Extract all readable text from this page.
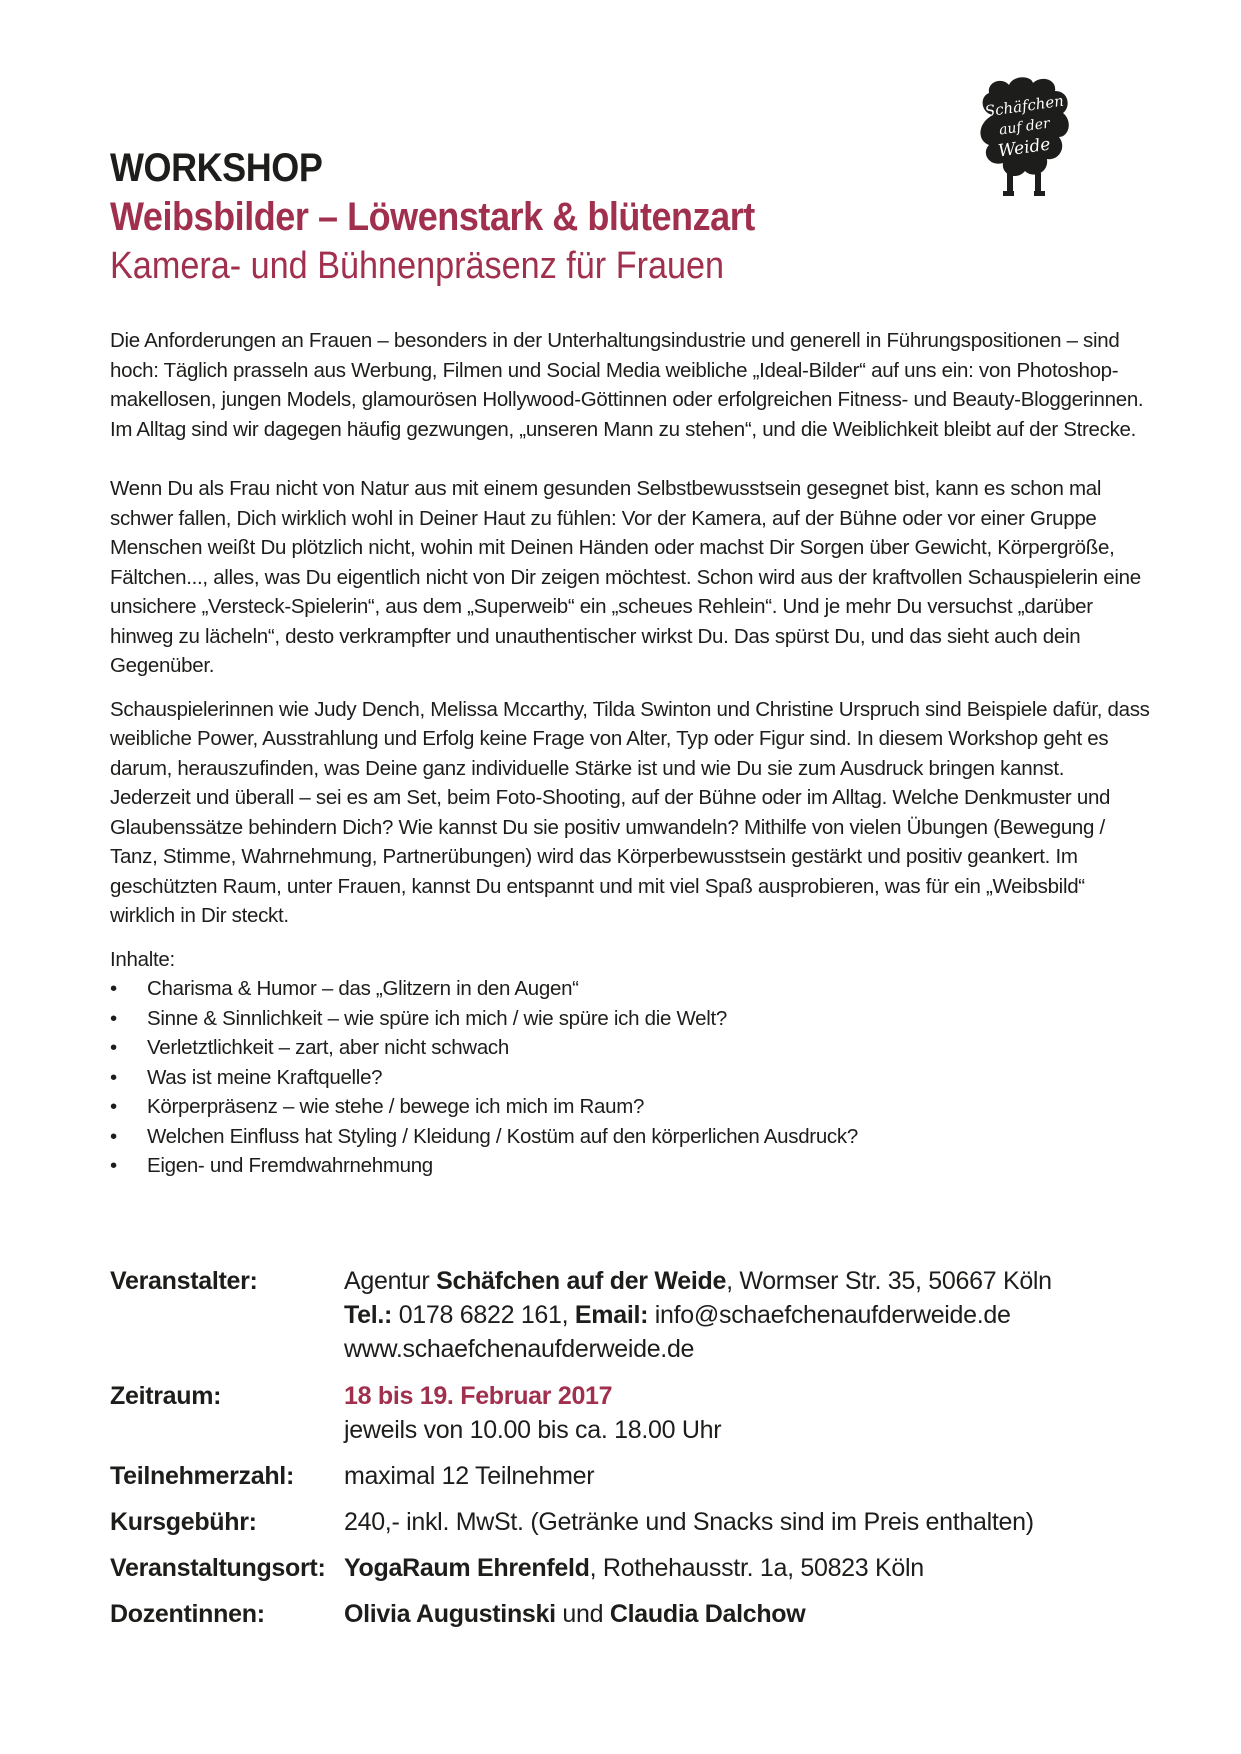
Schäfchen
auf der
Weide
WORKSHOP
Weibsbilder – Löwenstark & blütenzart
Kamera- und Bühnenpräsenz für Frauen

Die Anforderungen an Frauen – besonders in der Unterhaltungsindustrie und generell in Führungspositionen – sind hoch: Täglich prasseln aus Werbung, Filmen und Social Media weibliche „Ideal-Bilder“ auf uns ein: von Photoshop-makellosen, jungen Models, glamourösen Hollywood-Göttinnen oder erfolgreichen Fitness- und Beauty-Bloggerinnen. Im Alltag sind wir dagegen häufig gezwungen, „unseren Mann zu stehen“, und die Weiblichkeit bleibt auf der Strecke.

Wenn Du als Frau nicht von Natur aus mit einem gesunden Selbstbewusstsein gesegnet bist, kann es schon mal schwer fallen, Dich wirklich wohl in Deiner Haut zu fühlen: Vor der Kamera, auf der Bühne oder vor einer Gruppe Menschen weißt Du plötzlich nicht, wohin mit Deinen Händen oder machst Dir Sorgen über Gewicht, Körpergröße, Fältchen..., alles, was Du eigentlich nicht von Dir zeigen möchtest. Schon wird aus der kraftvollen Schauspielerin eine unsichere „Versteck-Spielerin“, aus dem „Superweib“ ein „scheues Rehlein“. Und je mehr Du versuchst „darüber hinweg zu lächeln“, desto verkrampfter und unauthentischer wirkst Du. Das spürst Du, und das sieht auch dein Gegenüber.

Schauspielerinnen wie Judy Dench, Melissa Mccarthy, Tilda Swinton und Christine Urspruch sind Beispiele dafür, dass weibliche Power, Ausstrahlung und Erfolg keine Frage von Alter, Typ oder Figur sind. In diesem Workshop geht es darum, herauszufinden, was Deine ganz individuelle Stärke ist und wie Du sie zum Ausdruck bringen kannst. Jederzeit und überall – sei es am Set, beim Foto-Shooting, auf der Bühne oder im Alltag. Welche Denkmuster und Glaubenssätze behindern Dich? Wie kannst Du sie positiv umwandeln? Mithilfe von vielen Übungen (Bewegung / Tanz, Stimme, Wahrnehmung, Partnerübungen) wird das Körperbewusstsein gestärkt und positiv geankert. Im geschützten Raum, unter Frauen, kannst Du entspannt und mit viel Spaß ausprobieren, was für ein „Weibsbild“ wirklich in Dir steckt.

Inhalte:

• Charisma & Humor – das „Glitzern in den Augen“
• Sinne & Sinnlichkeit – wie spüre ich mich / wie spüre ich die Welt?
• Verletztlichkeit – zart, aber nicht schwach
• Was ist meine Kraftquelle?
• Körperpräsenz – wie stehe / bewege ich mich im Raum?
• Welchen Einfluss hat Styling / Kleidung / Kostüm auf den körperlichen Ausdruck?
• Eigen- und Fremdwahrnehmung
Veranstalter:	Agentur Schäfchen auf der Weide, Wormser Str. 35, 50667 Köln
Tel.: 0178 6822 161, Email: info@schaefchenaufderweide.de
www.schaefchenaufderweide.de
Zeitraum:	18 bis 19. Februar 2017
jeweils von 10.00 bis ca. 18.00 Uhr
Teilnehmerzahl:	maximal 12 Teilnehmer
Kursgebühr:	240,- inkl. MwSt. (Getränke und Snacks sind im Preis enthalten)
Veranstaltungsort: YogaRaum Ehrenfeld, Rothehausstr. 1a, 50823 Köln
Dozentinnen:	Olivia Augustinski und Claudia Dalchow
